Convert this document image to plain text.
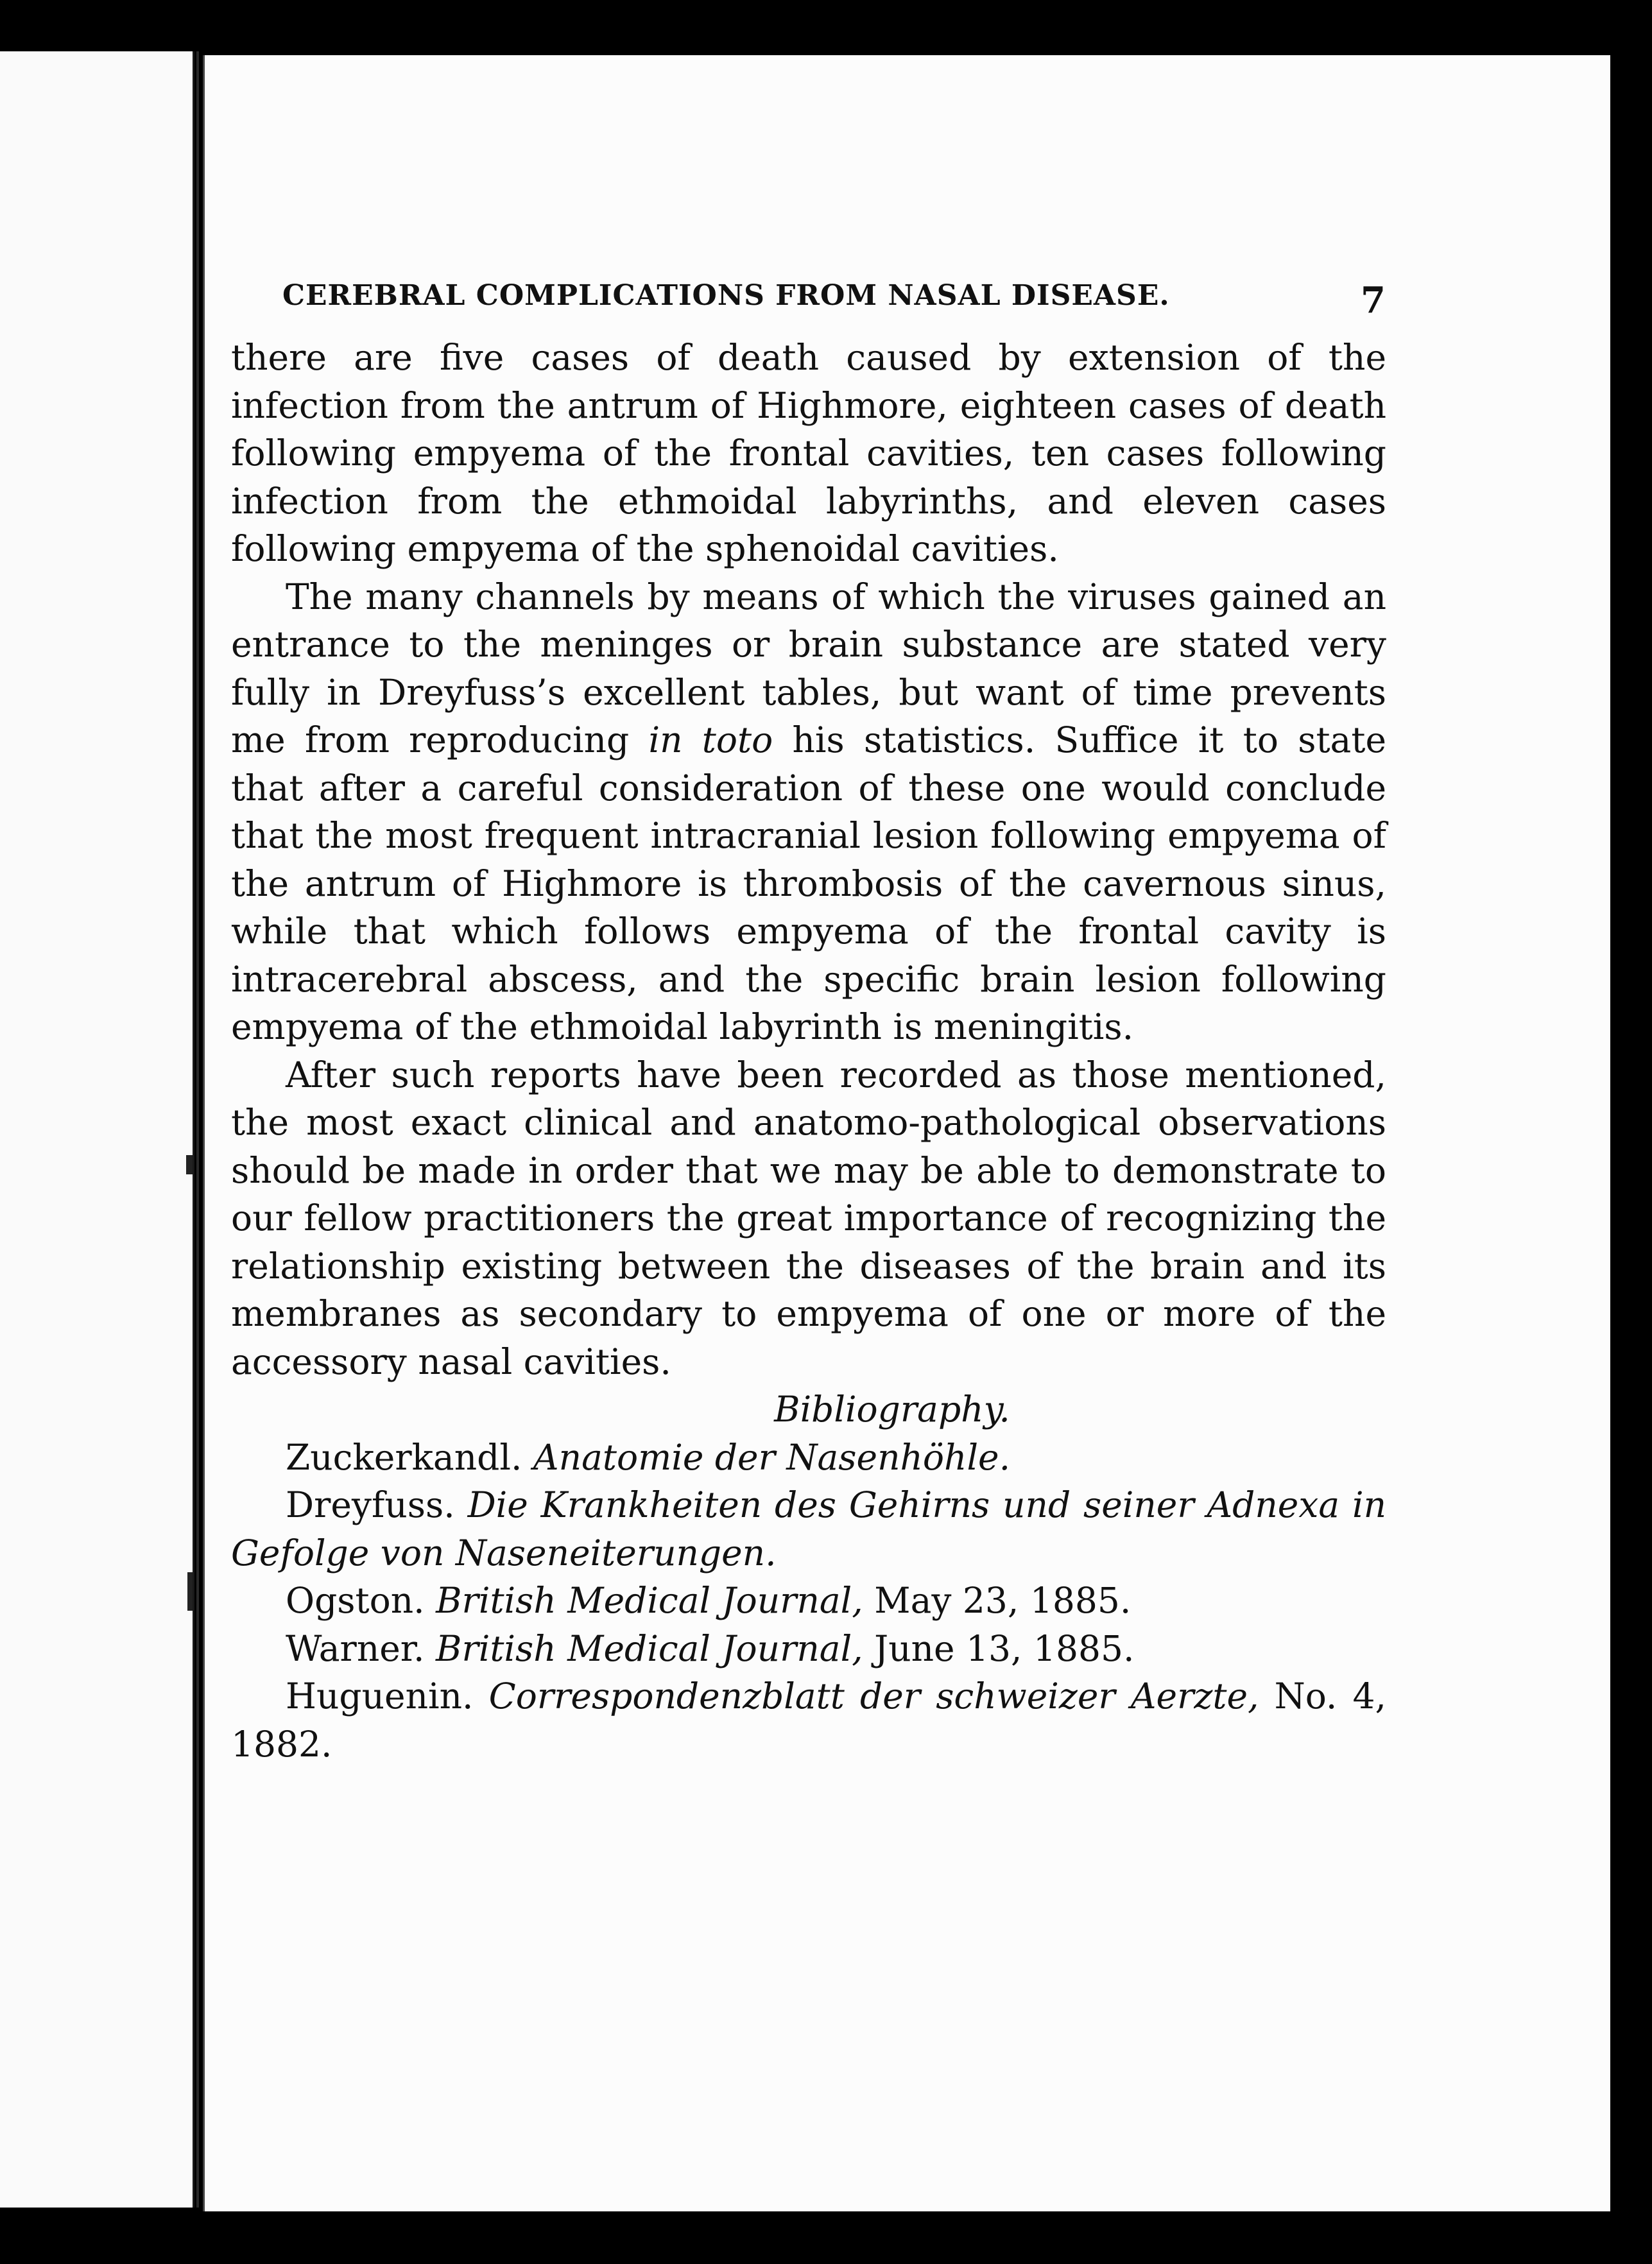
CEREBRAL COMPLICATIONS FROM NASAL DISEASE.	7

there are five cases of death caused by extension of the infection from the antrum of Highmore, eighteen cases of death following empyema of the frontal cavities, ten cases following infection from the ethmoidal labyrinths, and eleven cases following empyema of the sphenoidal cavities.

The many channels by means of which the viruses gained an entrance to the meninges or brain substance are stated very fully in Dreyfuss’s excellent tables, but want of time prevents me from reproducing in toto his statistics. Suffice it to state that after a careful consideration of these one would conclude that the most frequent intracranial lesion following empyema of the antrum of Highmore is thrombosis of the cavernous sinus, while that which follows empyema of the frontal cavity is intracerebral abscess, and the specific brain lesion following empyema of the ethmoidal labyrinth is meningitis.

After such reports have been recorded as those mentioned, the most exact clinical and anatomo-pathological observations should be made in order that we may be able to demonstrate to our fellow practitioners the great importance of recognizing the relationship existing between the diseases of the brain and its membranes as secondary to empyema of one or more of the accessory nasal cavities.

Bibliography.

Zuckerkandl. Anatomie der Nasenhöhle.

Dreyfuss. Die Krankheiten des Gehirns und seiner Adnexa in Gefolge von Naseneiterungen.

Ogston. British Medical Journal, May 23, 1885.

Warner. British Medical Journal, June 13, 1885.

Huguenin. Correspondenzblatt der schweizer Aerzte, No. 4, 1882.
